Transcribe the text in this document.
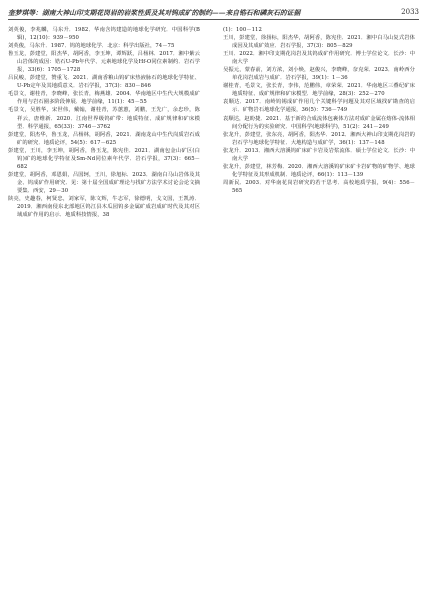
奎梦琪等：湖南大神山印支期花岗岩的岩浆性质及其对钨成矿的制约——来自锆石和磷灰石的证据	2033

刘英俊，李兆麟，马东升．1982．华南含钨建造的地球化学研究．中国科学(B辑)，12(10)：939－950

刘英俊，马东升．1987．钨的地球化学．北京：科学出版社，74－75

鲁玉龙，彭建堂，阳杰华，胡阿香，李玉坤，谭辉跃，吕杨林．2017．湘中紫云山岩体的成因：锆石U-Pb年代学、元素地球化学及Hf-O同位素制约．岩石学报，33(6)：1705－1728

吕民峻，彭建堂，赞重飞．2021．湖南香粮山钨矿床热液脉石的地球化学特征、U-Pb定年及其地质意义．岩石学报，37(3)：830－846

毛景文，谢桂青，李晓峰，张长青，梅燕雄．2004．华南地区中生代大规模成矿作用与岩石圈多阶段伸展．地学前缘，11(1)：45－55

毛景文，吴胜华，宋世伟，戴翰，谢桂青，苏蕙蕙，刘鹏，王先广，余忠珍，陈祥云，唐维新．2020．江南世界级钨矿带：地质特征、成矿规律和矿床模型．科学通报，65(33)：3746－3762

彭建堂，阳杰华，鲁玉龙，吕杨林，胡阿香，2021．湖南龙山中生代岗质岩石成矿的研究．地质论评，54(5)：617－625

彭建堂，王川，李玉坤，胡阿香，鲁玉龙，陈宪佳．2021．湖南包金山矿区(白钨)矿的地球化学特征及Sm-Nd同位素年代学．岩石学报，37(3)：665－682

彭建堂，胡阿香，邓恩娟，吕国轲，王川，徐旭标．2023．湖南白马山岩体及其金、钨成矿作用研究．见：第十届全国成矿理论与找矿方法学术讨论会论文摘要集．西安，29－30

陕亮，史趣春，柯贤忠，刘家军，陈文辉，牛志军，徐德明，戈文国，王凯涛．2019．湘西南侵东北部地区钨江县木瓜园钨多金属矿成岩成矿时代及其对区域成矿作用的启示．地质科技情报，38

(1)：100－112

王川，彭建堂，徐扬标，阳杰华，胡阿香，陈宪佳．2021．湘中白马山复式岩体成因及其成矿效应．岩石学报，37(3)：805－829

王川．2022．湘中印支期花岗岩及其钨成矿作用研究．博士学位论文．长沙：中南大学

吴振元，蒙春前，刘方浓，刘小焕，赵俊兴，李晓峰，奈克荣．2023．南岭西分单花岗岩成岩与成矿．岩石学报，39(1)：1－36

谢桂青，毛景文，张长青，李伟，范鹏伟，章荣荣．2021．华南地区三叠纪矿床地质特征、成矿规律和矿床模型．地学前缘，28(3)：252－270

袁顺达．2017．南岭钨锡成矿作用几个关键科学问题及其对区域找矿勘查的启示．矿物岩石地球化学通报，36(5)：736－749

袁顺达，赵盼捷．2021．基于新的合成流体包裹体方法对成矿金属在熔体-流体相间分配行为的实验研究．中国科学(地球科学)，51(2)：241－249

张龙升，彭建堂，张东亮，胡阿香，阳杰华．2012．湘西大神山印支期花岗岩的岩石学与地球化学特征．大地构造与成矿学，36(1)：137－148

张龙升．2013．湘西大溶溪钨矿床矿卡岩及岩浆流体．硕士学位论文．长沙：中南大学

张龙升，彭建堂，林芳梅．2020．湘西大溶溪钨矿床矿卡岩矿物的矿物学、地球化学特征及其形成机制．地质论评，66(1)：113－139

周新民．2003．对华南花岗岩研究的若干思考．高校地质学报，9(4)：556－565
